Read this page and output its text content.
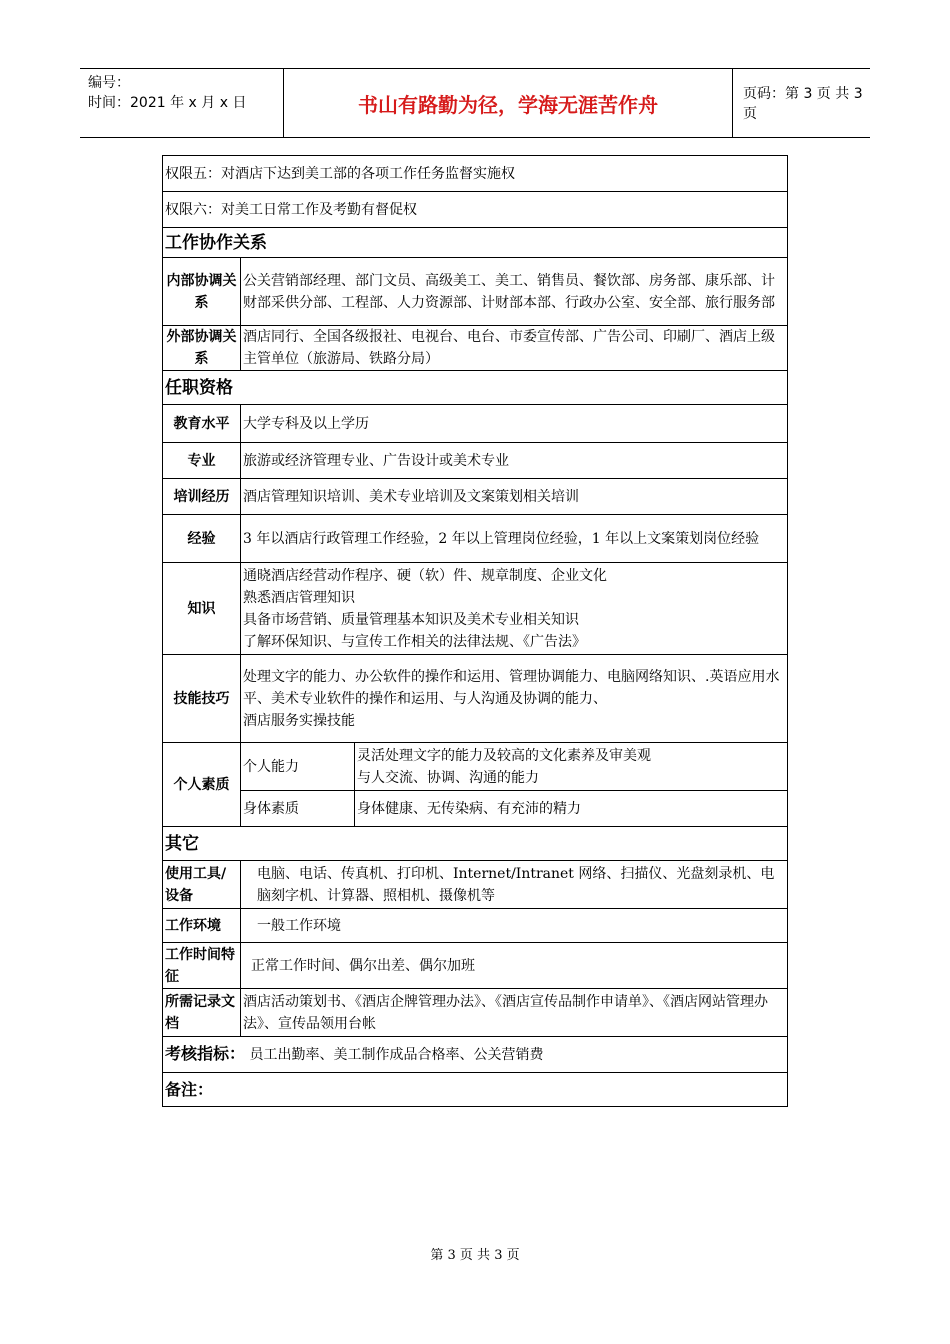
编号：
时间：2021 年 x 月 x 日	书山有路勤为径，学海无涯苦作舟	页码：第 3 页 共 3 页
权限五：对酒店下达到美工部的各项工作任务监督实施权		
权限六：对美工日常工作及考勤有督促权		
工作协作关系		
内部协调关系	公关营销部经理、部门文员、高级美工、美工、销售员、餐饮部、房务部、康乐部、计财部采供分部、工程部、人力资源部、计财部本部、行政办公室、安全部、旅行服务部	
外部协调关系	酒店同行、全国各级报社、电视台、电台、市委宣传部、广告公司、印刷厂、酒店上级主管单位（旅游局、铁路分局）	
任职资格		
教育水平	大学专科及以上学历	
专业	旅游或经济管理专业、广告设计或美术专业	
培训经历	酒店管理知识培训、美术专业培训及文案策划相关培训	
经验	3 年以酒店行政管理工作经验，2 年以上管理岗位经验，1 年以上文案策划岗位经验	
知识	通晓酒店经营动作程序、硬（软）件、规章制度、企业文化
熟悉酒店管理知识
具备市场营销、质量管理基本知识及美术专业相关知识
了解环保知识、与宣传工作相关的法律法规、《广告法》	

技能技巧	处理文字的能力、办公软件的操作和运用、管理协调能力、电脑网络知识、.英语应用水平、美术专业软件的操作和运用、与人沟通及协调的能力、
酒店服务实操技能	

个人素质	个人能力	灵活处理文字的能力及较高的文化素养及审美观
与人交流、协调、沟通的能力

	身体素质	身体健康、无传染病、有充沛的精力
其它		
使用工具/设备	电脑、电话、传真机、打印机、Internet/Intranet 网络、扫描仪、光盘刻录机、电脑刻字机、计算器、照相机、摄像机等	
工作环境	一般工作环境	
工作时间特征	正常工作时间、偶尔出差、偶尔加班	
所需记录文档	酒店活动策划书、《酒店企牌管理办法》、《酒店宣传品制作申请单》、《酒店网站管理办法》、宣传品领用台帐	
考核指标： 员工出勤率、美工制作成品合格率、公关营销费		
备注：		
第 3 页 共 3 页
